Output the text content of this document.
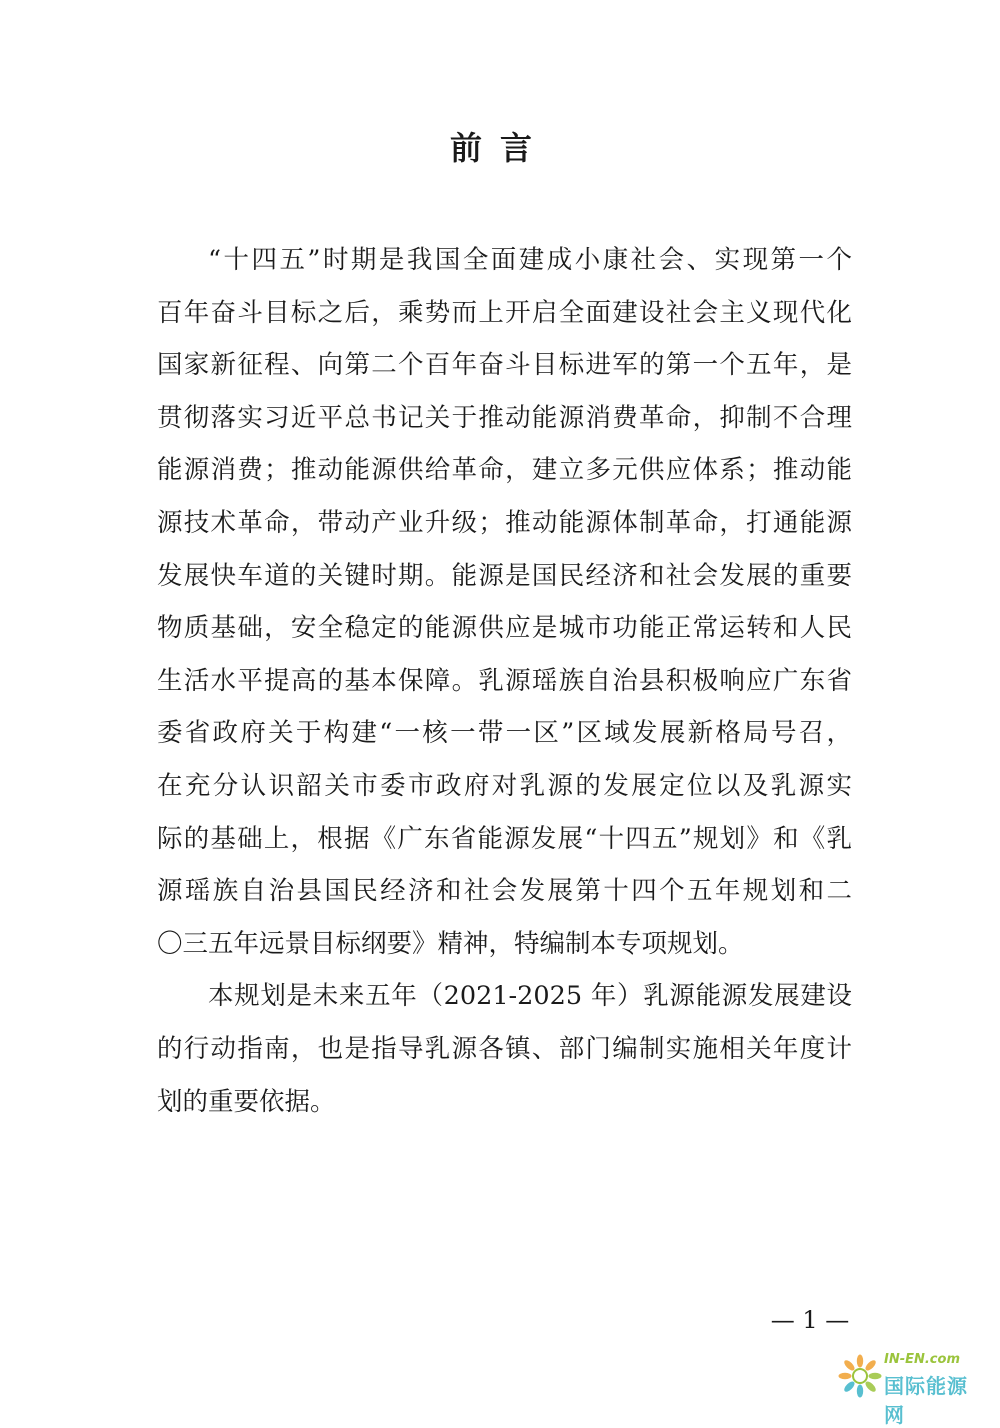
前言
“十四五”时期是我国全面建成小康社会、实现第一个
百年奋斗目标之后，乘势而上开启全面建设社会主义现代化
国家新征程、向第二个百年奋斗目标进军的第一个五年，是
贯彻落实习近平总书记关于推动能源消费革命，抑制不合理
能源消费；推动能源供给革命，建立多元供应体系；推动能
源技术革命，带动产业升级；推动能源体制革命，打通能源
发展快车道的关键时期。能源是国民经济和社会发展的重要
物质基础，安全稳定的能源供应是城市功能正常运转和人民
生活水平提高的基本保障。乳源瑶族自治县积极响应广东省
委省政府关于构建“一核一带一区”区域发展新格局号召，
在充分认识韶关市委市政府对乳源的发展定位以及乳源实
际的基础上，根据《广东省能源发展“十四五”规划》和《乳
源瑶族自治县国民经济和社会发展第十四个五年规划和二
〇三五年远景目标纲要》精神，特编制本专项规划。
本规划是未来五年（2021-2025 年）乳源能源发展建设
的行动指南，也是指导乳源各镇、部门编制实施相关年度计
划的重要依据。
— 1 —
IN-EN.com
国际能源网
